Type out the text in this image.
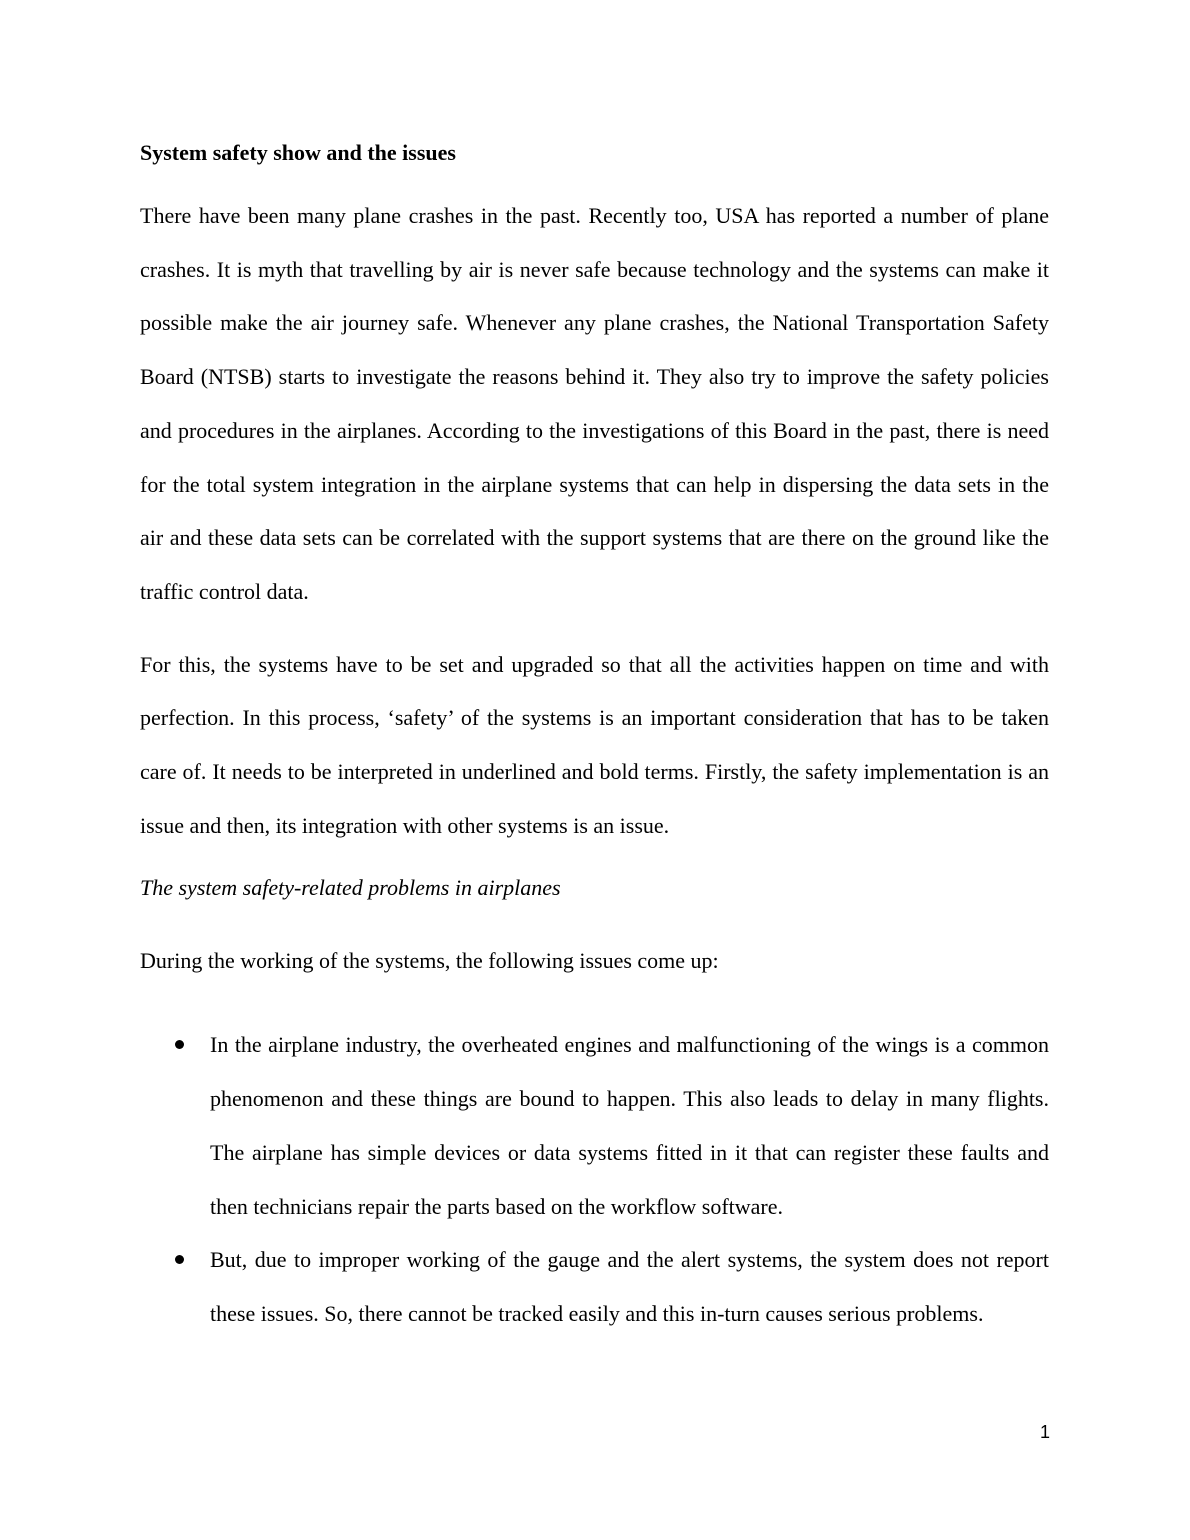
System safety show and the issues

There have been many plane crashes in the past. Recently too, USA has reported a number of plane crashes. It is myth that travelling by air is never safe because technology and the systems can make it possible make the air journey safe. Whenever any plane crashes, the National Transportation Safety Board (NTSB) starts to investigate the reasons behind it. They also try to improve the safety policies and procedures in the airplanes. According to the investigations of this Board in the past, there is need for the total system integration in the airplane systems that can help in dispersing the data sets in the air and these data sets can be correlated with the support systems that are there on the ground like the traffic control data.

For this, the systems have to be set and upgraded so that all the activities happen on time and with perfection. In this process, ‘safety’ of the systems is an important consideration that has to be taken care of. It needs to be interpreted in underlined and bold terms. Firstly, the safety implementation is an issue and then, its integration with other systems is an issue.

The system safety-related problems in airplanes

During the working of the systems, the following issues come up:

In the airplane industry, the overheated engines and malfunctioning of the wings is a common phenomenon and these things are bound to happen. This also leads to delay in many flights. The airplane has simple devices or data systems fitted in it that can register these faults and then technicians repair the parts based on the workflow software.
But, due to improper working of the gauge and the alert systems, the system does not report these issues. So, there cannot be tracked easily and this in-turn causes serious problems.
1
